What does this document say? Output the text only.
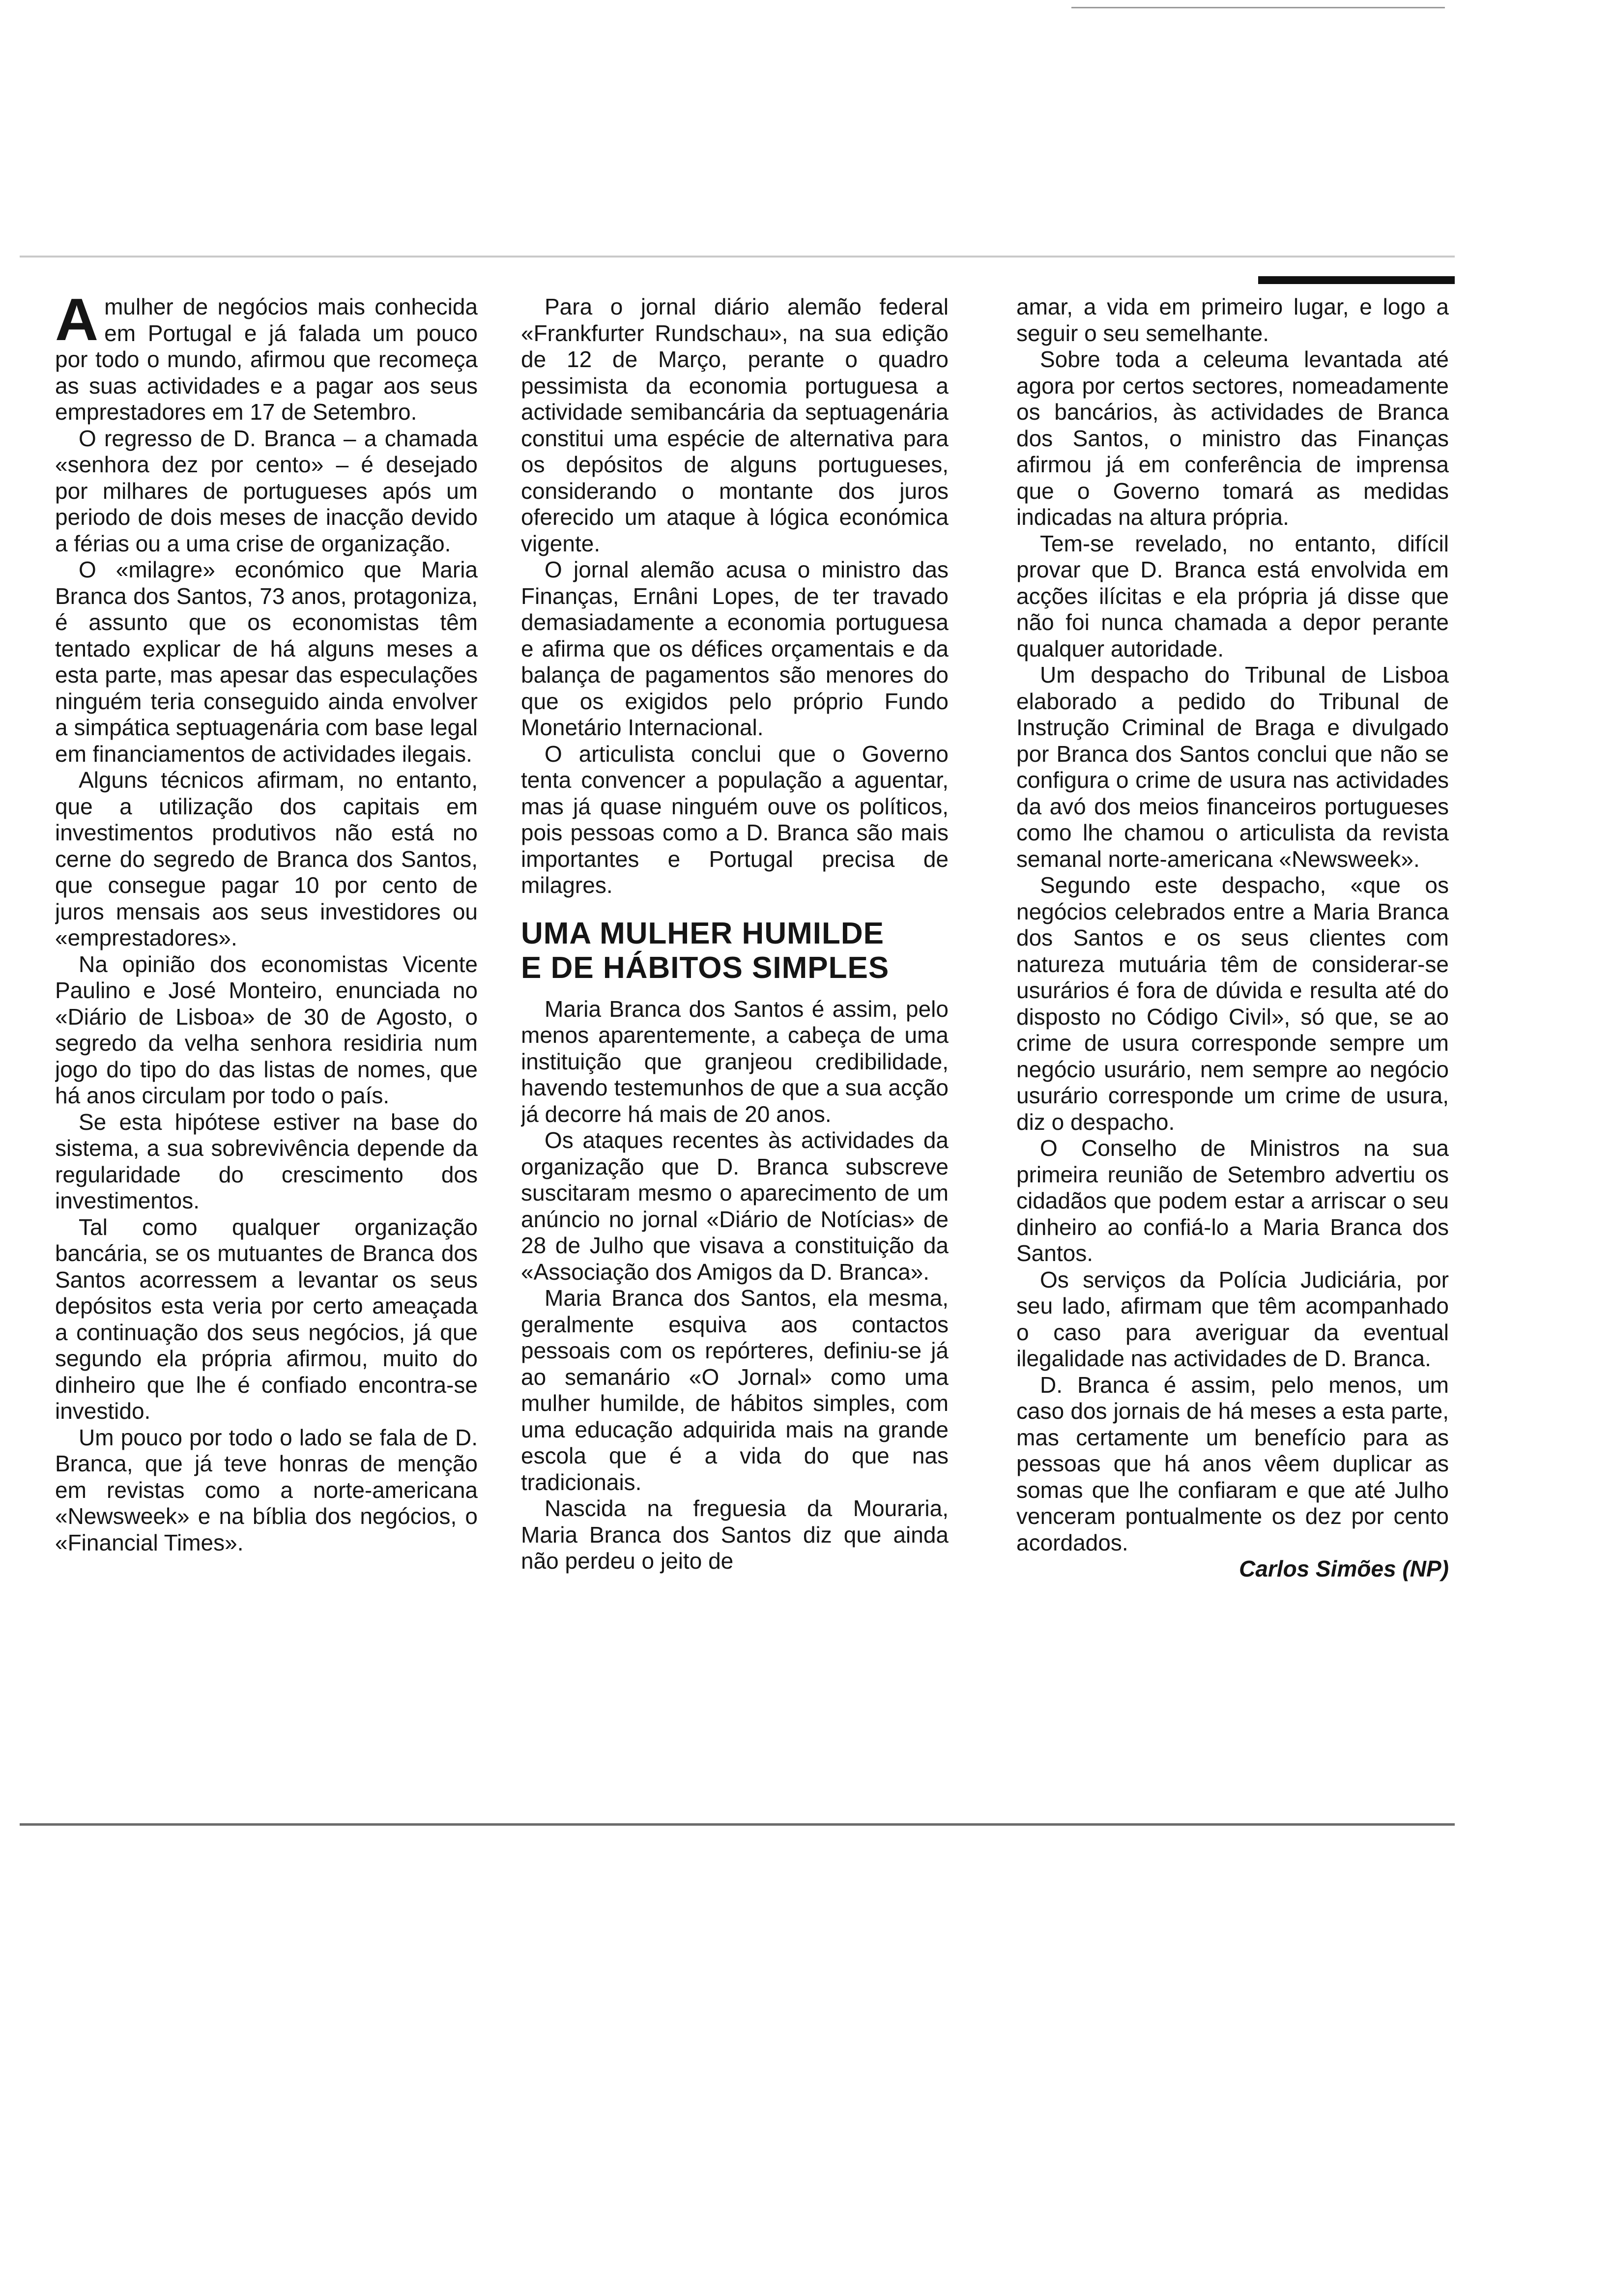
A mulher de negócios mais conhecida em Portugal e já falada um pouco por todo o mundo, afirmou que recomeça as suas actividades e a pagar aos seus emprestadores em 17 de Setembro.

O regresso de D. Branca – a chamada «senhora dez por cento» – é desejado por milhares de portugueses após um periodo de dois meses de inacção devido a férias ou a uma crise de organização.

O «milagre» económico que Maria Branca dos Santos, 73 anos, protagoniza, é assunto que os economistas têm tentado explicar de há alguns meses a esta parte, mas apesar das especulações ninguém teria conseguido ainda envolver a simpática septuagenária com base legal em financiamentos de actividades ilegais.

Alguns técnicos afirmam, no entanto, que a utilização dos capitais em investimentos produtivos não está no cerne do segredo de Branca dos Santos, que consegue pagar 10 por cento de juros mensais aos seus investidores ou «emprestadores».

Na opinião dos economistas Vicente Paulino e José Monteiro, enunciada no «Diário de Lisboa» de 30 de Agosto, o segredo da velha senhora residiria num jogo do tipo do das listas de nomes, que há anos circulam por todo o país.

Se esta hipótese estiver na base do sistema, a sua sobrevivência depende da regularidade do crescimento dos investimentos.

Tal como qualquer organização bancária, se os mutuantes de Branca dos Santos acorressem a levantar os seus depósitos esta veria por certo ameaçada a continuação dos seus negócios, já que segundo ela própria afirmou, muito do dinheiro que lhe é confiado encontra-se investido.

Um pouco por todo o lado se fala de D. Branca, que já teve honras de menção em revistas como a norte-americana «Newsweek» e na bíblia dos negócios, o «Financial Times».

Para o jornal diário alemão federal «Frankfurter Rundschau», na sua edição de 12 de Março, perante o quadro pessimista da economia portuguesa a actividade semibancária da septuagenária constitui uma espécie de alternativa para os depósitos de alguns portugueses, considerando o montante dos juros oferecido um ataque à lógica económica vigente.

O jornal alemão acusa o ministro das Finanças, Ernâni Lopes, de ter travado demasiadamente a economia portuguesa e afirma que os défices orçamentais e da balança de pagamentos são menores do que os exigidos pelo próprio Fundo Monetário Internacional.

O articulista conclui que o Governo tenta convencer a população a aguentar, mas já quase ninguém ouve os políticos, pois pessoas como a D. Branca são mais importantes e Portugal precisa de milagres.

UMA MULHER HUMILDE
E DE HÁBITOS SIMPLES

Maria Branca dos Santos é assim, pelo menos aparentemente, a cabeça de uma instituição que granjeou credibilidade, havendo testemunhos de que a sua acção já decorre há mais de 20 anos.

Os ataques recentes às actividades da organização que D. Branca subscreve suscitaram mesmo o aparecimento de um anúncio no jornal «Diário de Notícias» de 28 de Julho que visava a constituição da «Associação dos Amigos da D. Branca».

Maria Branca dos Santos, ela mesma, geralmente esquiva aos contactos pessoais com os repórteres, definiu-se já ao semanário «O Jornal» como uma mulher humilde, de hábitos simples, com uma educação adquirida mais na grande escola que é a vida do que nas tradicionais.

Nascida na freguesia da Mouraria, Maria Branca dos Santos diz que ainda não perdeu o jeito de

amar, a vida em primeiro lugar, e logo a seguir o seu semelhante.

Sobre toda a celeuma levantada até agora por certos sectores, nomeadamente os bancários, às actividades de Branca dos Santos, o ministro das Finanças afirmou já em conferência de imprensa que o Governo tomará as medidas indicadas na altura própria.

Tem-se revelado, no entanto, difícil provar que D. Branca está envolvida em acções ilícitas e ela própria já disse que não foi nunca chamada a depor perante qualquer autoridade.

Um despacho do Tribunal de Lisboa elaborado a pedido do Tribunal de Instrução Criminal de Braga e divulgado por Branca dos Santos conclui que não se configura o crime de usura nas actividades da avó dos meios financeiros portugueses como lhe chamou o articulista da revista semanal norte-americana «Newsweek».

Segundo este despacho, «que os negócios celebrados entre a Maria Branca dos Santos e os seus clientes com natureza mutuária têm de considerar-se usurários é fora de dúvida e resulta até do disposto no Código Civil», só que, se ao crime de usura corresponde sempre um negócio usurário, nem sempre ao negócio usurário corresponde um crime de usura, diz o despacho.

O Conselho de Ministros na sua primeira reunião de Setembro advertiu os cidadãos que podem estar a arriscar o seu dinheiro ao confiá-lo a Maria Branca dos Santos.

Os serviços da Polícia Judiciária, por seu lado, afirmam que têm acompanhado o caso para averiguar da eventual ilegalidade nas actividades de D. Branca.

D. Branca é assim, pelo menos, um caso dos jornais de há meses a esta parte, mas certamente um benefício para as pessoas que há anos vêem duplicar as somas que lhe confiaram e que até Julho venceram pontualmente os dez por cento acordados.

Carlos Simões (NP)
